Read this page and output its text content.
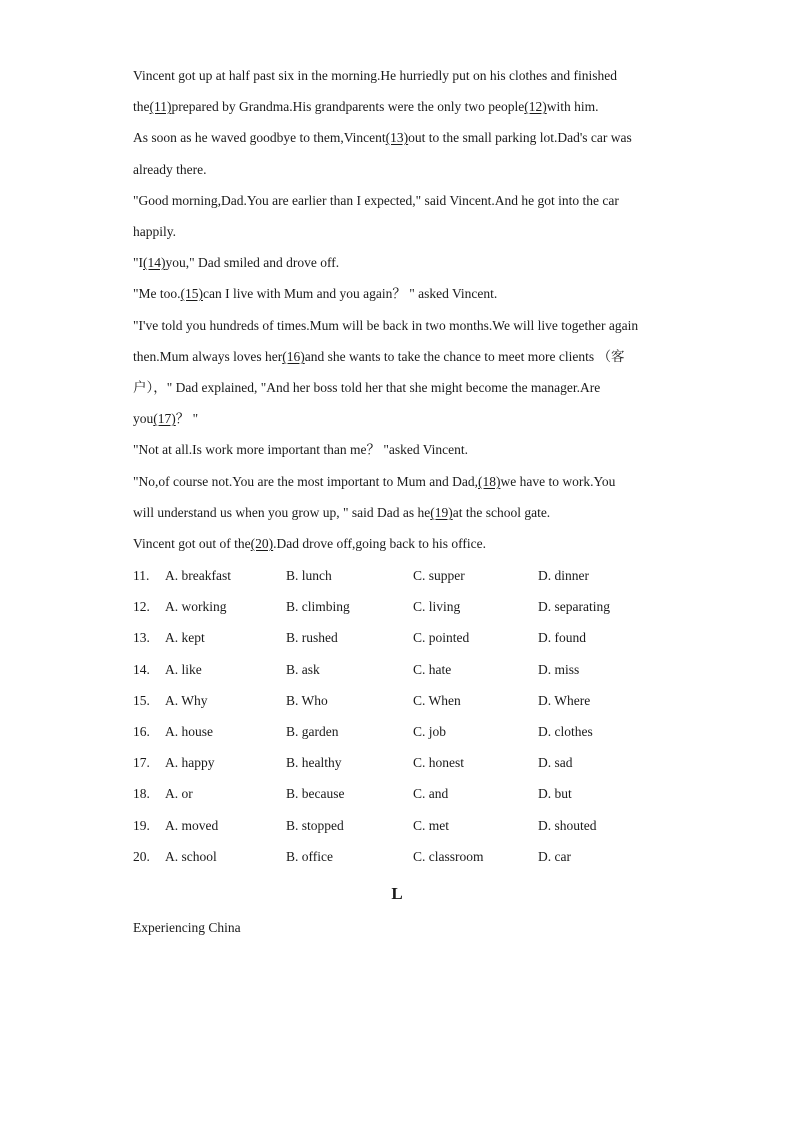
Vincent got up at half past six in the morning.He hurriedly put on his clothes and finished
the(11)prepared by Grandma.His grandparents were the only two people(12)with him.
As soon as he waved goodbye to them,Vincent(13)out to the small parking lot.Dad's car was
already there.
"Good morning,Dad.You are earlier than I expected," said Vincent.And he got into the car
happily.
"I(14)you," Dad smiled and drove off.
"Me too.(15)can I live with Mum and you again？ " asked Vincent.
"I've told you hundreds of times.Mum will be back in two months.We will live together again
then.Mum always loves her(16)and she wants to take the chance to meet more clients （客
户），" Dad explained, "And her boss told her that she might become the manager.Are
you(17)？ "
"Not at all.Is work more important than me？ "asked Vincent.
"No,of course not.You are the most important to Mum and Dad,(18)we have to work.You
will understand us when you grow up, " said Dad as he(19)at the school gate.
Vincent got out of the(20).Dad drove off,going back to his office.
11. A. breakfast	B. lunch	C. supper	D. dinner
12. A. working	B. climbing	C. living	D. separating
13. A. kept	B. rushed	C. pointed	D. found
14. A. like	B. ask	C. hate	D. miss
15. A. Why	B. Who	C. When	D. Where
16. A. house	B. garden	C. job	D. clothes
17. A. happy	B. healthy	C. honest	D. sad
18. A. or	B. because	C. and	D. but
19. A. moved	B. stopped	C. met	D. shouted
20. A. school	B. office	C. classroom	D. car
L
Experiencing China
